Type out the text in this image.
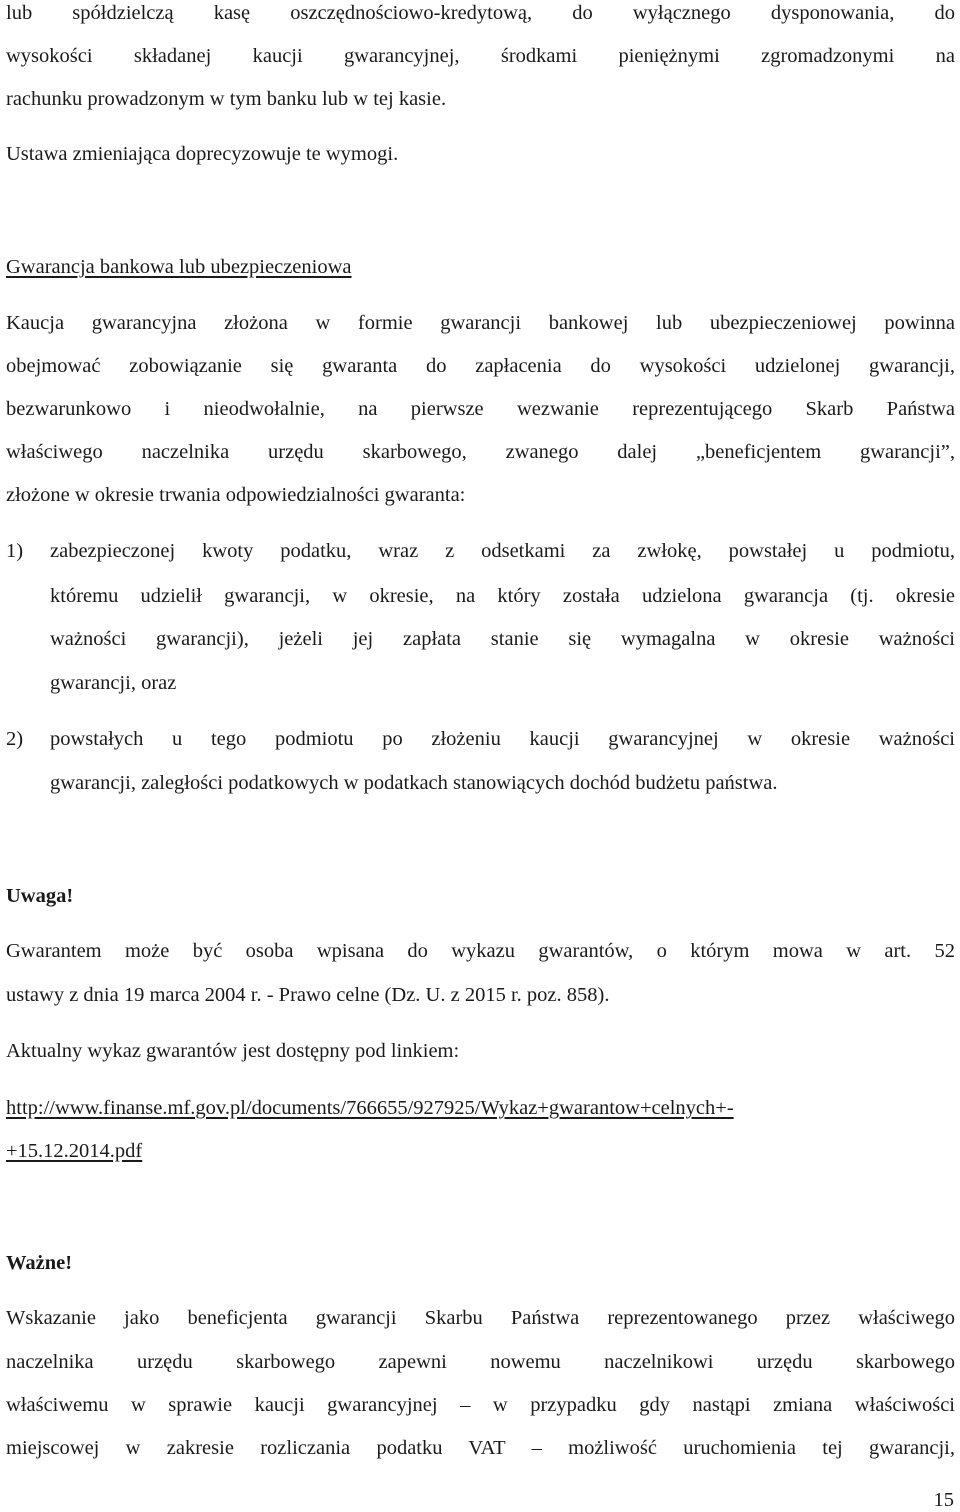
lub spółdzielczą kasę oszczędnościowo-kredytową, do wyłącznego dysponowania, do
wysokości składanej kaucji gwarancyjnej, środkami pieniężnymi zgromadzonymi na
rachunku prowadzonym w tym banku lub w tej kasie.
Ustawa zmieniająca doprecyzowuje te wymogi.
Gwarancja bankowa lub ubezpieczeniowa
Kaucja gwarancyjna złożona w formie gwarancji bankowej lub ubezpieczeniowej powinna
obejmować zobowiązanie się gwaranta do zapłacenia do wysokości udzielonej gwarancji,
bezwarunkowo i nieodwołalnie, na pierwsze wezwanie reprezentującego Skarb Państwa
właściwego naczelnika urzędu skarbowego, zwanego dalej „beneficjentem gwarancji”,
złożone w okresie trwania odpowiedzialności gwaranta:
1) zabezpieczonej kwoty podatku, wraz z odsetkami za zwłokę, powstałej u podmiotu,
któremu udzielił gwarancji, w okresie, na który została udzielona gwarancja (tj. okresie
ważności gwarancji), jeżeli jej zapłata stanie się wymagalna w okresie ważności
gwarancji, oraz
2) powstałych u tego podmiotu po złożeniu kaucji gwarancyjnej w okresie ważności
gwarancji, zaległości podatkowych w podatkach stanowiących dochód budżetu państwa.
Uwaga!
Gwarantem może być osoba wpisana do wykazu gwarantów, o którym mowa w art. 52
ustawy z dnia 19 marca 2004 r. - Prawo celne (Dz. U. z 2015 r. poz. 858).
Aktualny wykaz gwarantów jest dostępny pod linkiem:
http://www.finanse.mf.gov.pl/documents/766655/927925/Wykaz+gwarantow+celnych+-
+15.12.2014.pdf
Ważne!
Wskazanie jako beneficjenta gwarancji Skarbu Państwa reprezentowanego przez właściwego
naczelnika urzędu skarbowego zapewni nowemu naczelnikowi urzędu skarbowego
właściwemu w sprawie kaucji gwarancyjnej – w przypadku gdy nastąpi zmiana właściwości
miejscowej w zakresie rozliczania podatku VAT – możliwość uruchomienia tej gwarancji,
15
